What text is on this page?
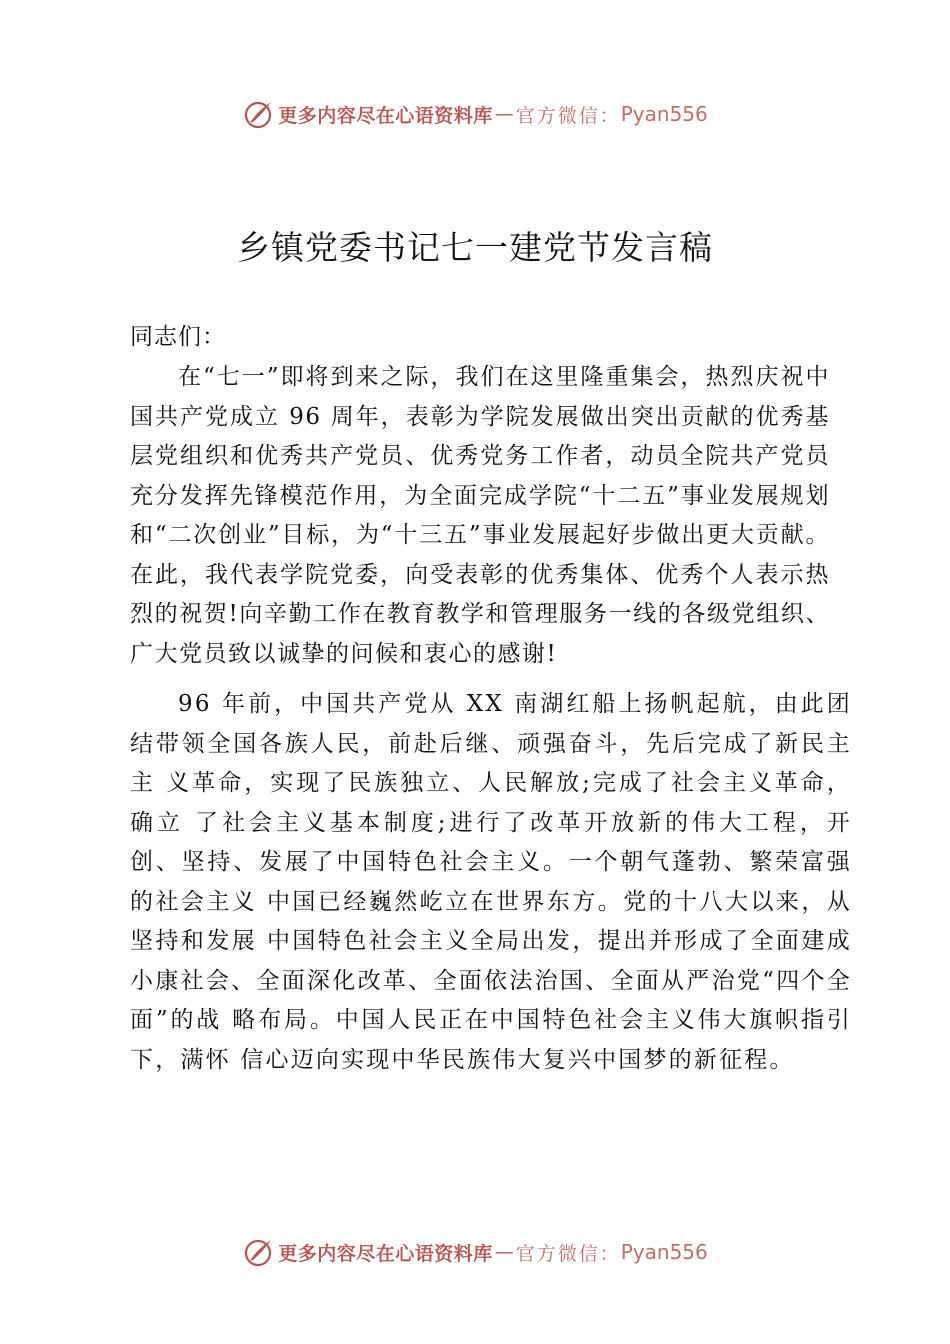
更多内容尽在心语资料库 — 官方微信： Pyan556
乡镇党委书记七一建党节发言稿
同志们：
在“七一”即将到来之际，我们在这里隆重集会，热烈庆祝中国共产党成立 96 周年，表彰为学院发展做出突出贡献的优秀基层党组织和优秀共产党员、优秀党务工作者，动员全院共产党员充分发挥先锋模范作用，为全面完成学院“十二五”事业发展规划和“二次创业”目标，为“十三五”事业发展起好步做出更大贡献。在此，我代表学院党委，向受表彰的优秀集体、优秀个人表示热烈的祝贺!向辛勤工作在教育教学和管理服务一线的各级党组织、广大党员致以诚挚的问候和衷心的感谢!
96 年前，中国共产党从 XX 南湖红船上扬帆起航，由此团结带领全国各族人民，前赴后继、顽强奋斗，先后完成了新民主主 义革命，实现了民族独立、人民解放;完成了社会主义革命，确立 了社会主义基本制度;进行了改革开放新的伟大工程，开创、坚持、发展了中国特色社会主义。一个朝气蓬勃、繁荣富强的社会主义 中国已经巍然屹立在世界东方。党的十八大以来，从坚持和发展 中国特色社会主义全局出发，提出并形成了全面建成小康社会、全面深化改革、全面依法治国、全面从严治党“四个全面”的战 略布局。中国人民正在中国特色社会主义伟大旗帜指引下，满怀 信心迈向实现中华民族伟大复兴中国梦的新征程。
更多内容尽在心语资料库 — 官方微信： Pyan556
